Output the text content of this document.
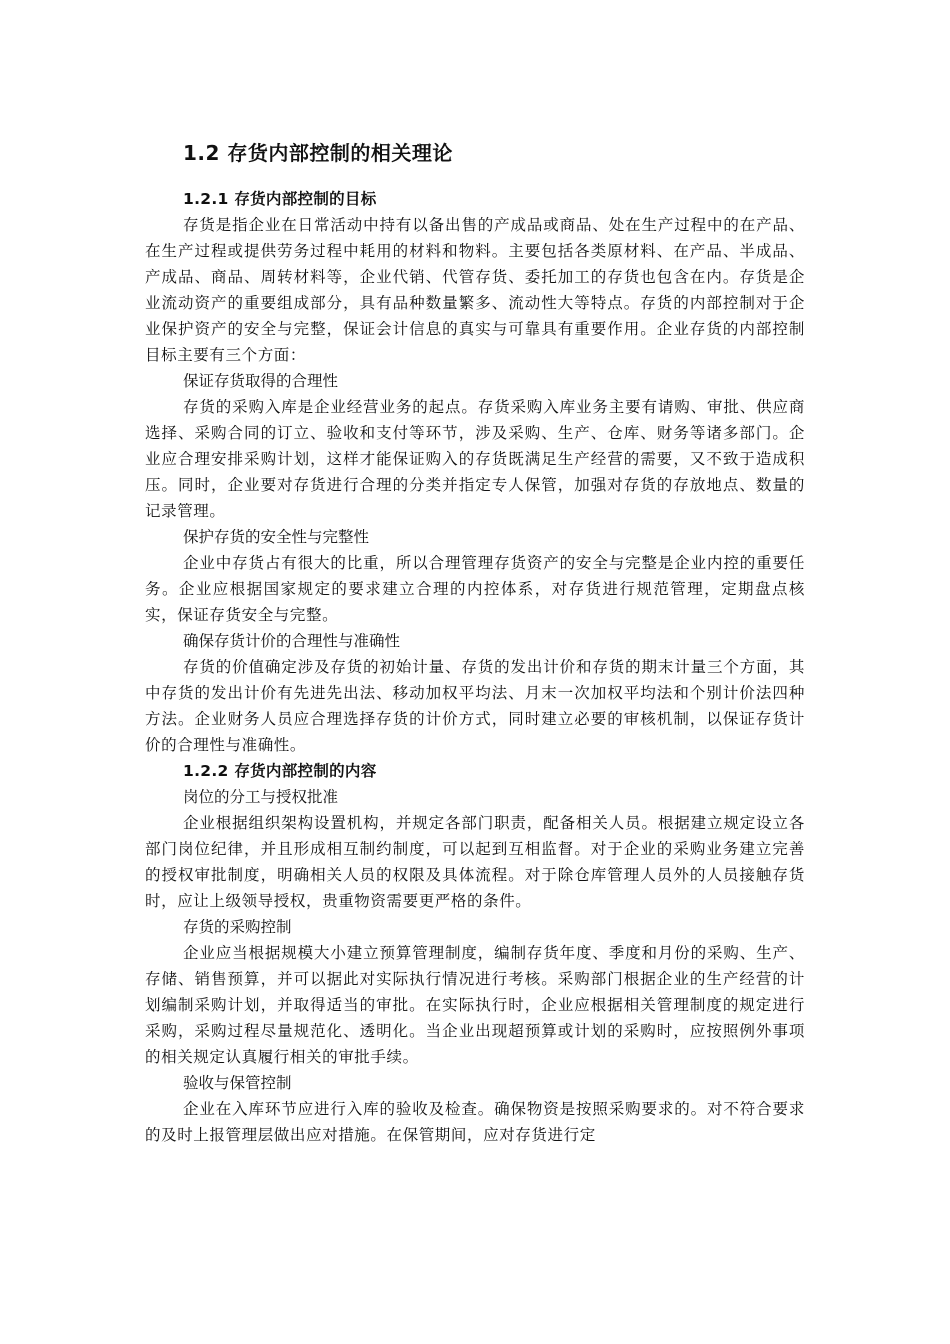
1.2 存货内部控制的相关理论
1.2.1 存货内部控制的目标

存货是指企业在日常活动中持有以备出售的产成品或商品、处在生产过程中的在产品、在生产过程或提供劳务过程中耗用的材料和物料。主要包括各类原材料、在产品、半成品、产成品、商品、周转材料等，企业代销、代管存货、委托加工的存货也包含在内。存货是企业流动资产的重要组成部分，具有品种数量繁多、流动性大等特点。存货的内部控制对于企业保护资产的安全与完整，保证会计信息的真实与可靠具有重要作用。企业存货的内部控制目标主要有三个方面：

保证存货取得的合理性

存货的采购入库是企业经营业务的起点。存货采购入库业务主要有请购、审批、供应商选择、采购合同的订立、验收和支付等环节，涉及采购、生产、仓库、财务等诸多部门。企业应合理安排采购计划，这样才能保证购入的存货既满足生产经营的需要，又不致于造成积压。同时，企业要对存货进行合理的分类并指定专人保管，加强对存货的存放地点、数量的记录管理。

保护存货的安全性与完整性

企业中存货占有很大的比重，所以合理管理存货资产的安全与完整是企业内控的重要任务。企业应根据国家规定的要求建立合理的内控体系，对存货进行规范管理，定期盘点核实，保证存货安全与完整。

确保存货计价的合理性与准确性

存货的价值确定涉及存货的初始计量、存货的发出计价和存货的期末计量三个方面，其中存货的发出计价有先进先出法、移动加权平均法、月末一次加权平均法和个别计价法四种方法。企业财务人员应合理选择存货的计价方式，同时建立必要的审核机制，以保证存货计价的合理性与准确性。

1.2.2 存货内部控制的内容

岗位的分工与授权批准

企业根据组织架构设置机构，并规定各部门职责，配备相关人员。根据建立规定设立各部门岗位纪律，并且形成相互制约制度，可以起到互相监督。对于企业的采购业务建立完善的授权审批制度，明确相关人员的权限及具体流程。对于除仓库管理人员外的人员接触存货时，应让上级领导授权，贵重物资需要更严格的条件。

存货的采购控制

企业应当根据规模大小建立预算管理制度，编制存货年度、季度和月份的采购、生产、存储、销售预算，并可以据此对实际执行情况进行考核。采购部门根据企业的生产经营的计划编制采购计划，并取得适当的审批。在实际执行时，企业应根据相关管理制度的规定进行采购，采购过程尽量规范化、透明化。当企业出现超预算或计划的采购时，应按照例外事项的相关规定认真履行相关的审批手续。

验收与保管控制

企业在入库环节应进行入库的验收及检查。确保物资是按照采购要求的。对不符合要求的及时上报管理层做出应对措施。在保管期间，应对存货进行定
